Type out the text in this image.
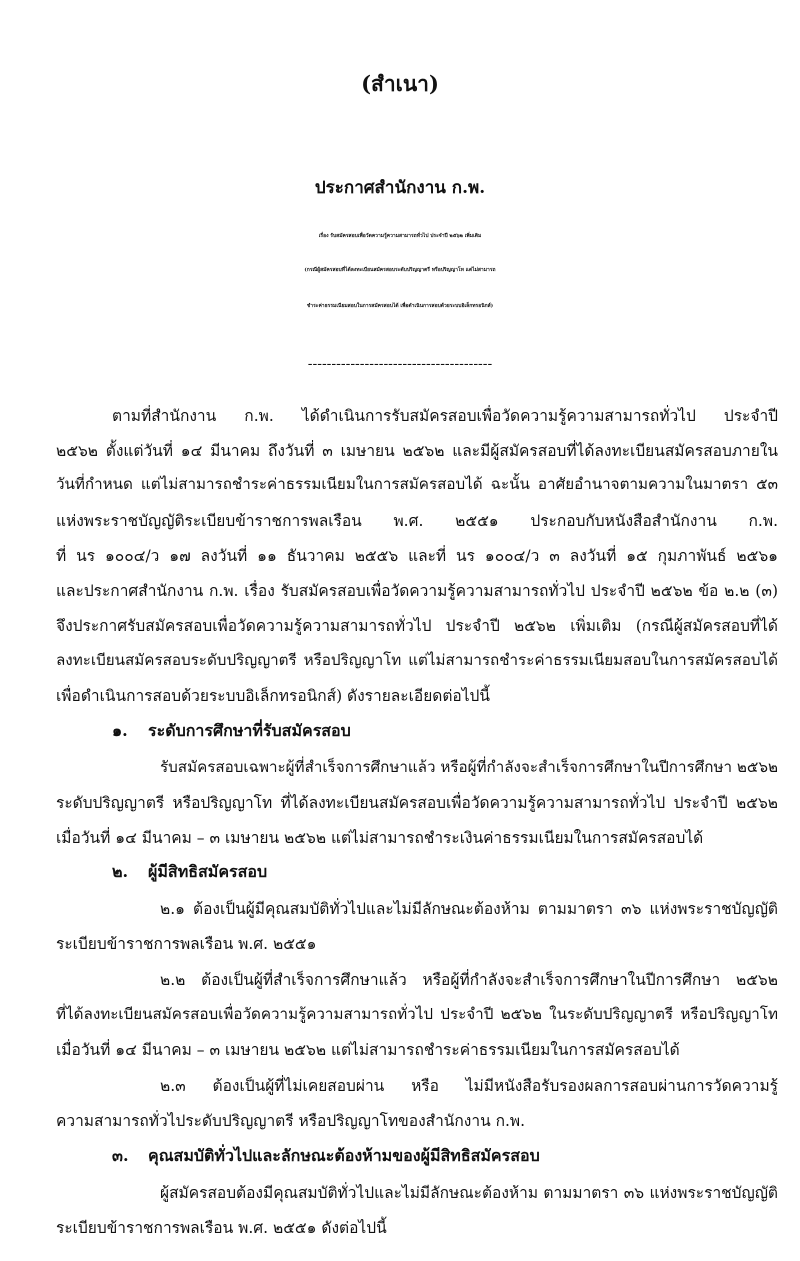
(สำเนา)
ประกาศสำนักงาน ก.พ.
เรื่อง รับสมัครสอบเพื่อวัดความรู้ความสามารถทั่วไป ประจำปี ๒๕๖๒ เพิ่มเติม
(กรณีผู้สมัครสอบที่ได้ลงทะเบียนสมัครสอบระดับปริญญาตรี หรือปริญญาโท แต่ไม่สามารถ
ชำระค่าธรรมเนียมสอบในการสมัครสอบได้ เพื่อดำเนินการสอบด้วยระบบอิเล็กทรอนิกส์)
---------------------------------------
ตามที่สำนักงาน ก.พ. ได้ดำเนินการรับสมัครสอบเพื่อวัดความรู้ความสามารถทั่วไป ประจำปี
๒๕๖๒ ตั้งแต่วันที่ ๑๔ มีนาคม ถึงวันที่ ๓ เมษายน ๒๕๖๒ และมีผู้สมัครสอบที่ได้ลงทะเบียนสมัครสอบภายใน
วันที่กำหนด แต่ไม่สามารถชำระค่าธรรมเนียมในการสมัครสอบได้ ฉะนั้น อาศัยอำนาจตามความในมาตรา ๕๓
แห่งพระราชบัญญัติระเบียบข้าราชการพลเรือน พ.ศ. ๒๕๕๑ ประกอบกับหนังสือสำนักงาน ก.พ.
ที่ นร ๑๐๐๔/ว ๑๗ ลงวันที่ ๑๑ ธันวาคม ๒๕๕๖ และที่ นร ๑๐๐๔/ว ๓ ลงวันที่ ๑๕ กุมภาพันธ์ ๒๕๖๑
และประกาศสำนักงาน ก.พ. เรื่อง รับสมัครสอบเพื่อวัดความรู้ความสามารถทั่วไป ประจำปี ๒๕๖๒ ข้อ ๒.๒ (๓)
จึงประกาศรับสมัครสอบเพื่อวัดความรู้ความสามารถทั่วไป ประจำปี ๒๕๖๒ เพิ่มเติม (กรณีผู้สมัครสอบที่ได้
ลงทะเบียนสมัครสอบระดับปริญญาตรี หรือปริญญาโท แต่ไม่สามารถชำระค่าธรรมเนียมสอบในการสมัครสอบได้
เพื่อดำเนินการสอบด้วยระบบอิเล็กทรอนิกส์) ดังรายละเอียดต่อไปนี้
๑. ระดับการศึกษาที่รับสมัครสอบ
รับสมัครสอบเฉพาะผู้ที่สำเร็จการศึกษาแล้ว หรือผู้ที่กำลังจะสำเร็จการศึกษาในปีการศึกษา ๒๕๖๒
ระดับปริญญาตรี หรือปริญญาโท ที่ได้ลงทะเบียนสมัครสอบเพื่อวัดความรู้ความสามารถทั่วไป ประจำปี ๒๕๖๒
เมื่อวันที่ ๑๔ มีนาคม – ๓ เมษายน ๒๕๖๒ แต่ไม่สามารถชำระเงินค่าธรรมเนียมในการสมัครสอบได้
๒. ผู้มีสิทธิสมัครสอบ
๒.๑ ต้องเป็นผู้มีคุณสมบัติทั่วไปและไม่มีลักษณะต้องห้าม ตามมาตรา ๓๖ แห่งพระราชบัญญัติ
ระเบียบข้าราชการพลเรือน พ.ศ. ๒๕๕๑
๒.๒ ต้องเป็นผู้ที่สำเร็จการศึกษาแล้ว หรือผู้ที่กำลังจะสำเร็จการศึกษาในปีการศึกษา ๒๕๖๒
ที่ได้ลงทะเบียนสมัครสอบเพื่อวัดความรู้ความสามารถทั่วไป ประจำปี ๒๕๖๒ ในระดับปริญญาตรี หรือปริญญาโท
เมื่อวันที่ ๑๔ มีนาคม – ๓ เมษายน ๒๕๖๒ แต่ไม่สามารถชำระค่าธรรมเนียมในการสมัครสอบได้
๒.๓ ต้องเป็นผู้ที่ไม่เคยสอบผ่าน หรือ ไม่มีหนังสือรับรองผลการสอบผ่านการวัดความรู้
ความสามารถทั่วไประดับปริญญาตรี หรือปริญญาโทของสำนักงาน ก.พ.
๓. คุณสมบัติทั่วไปและลักษณะต้องห้ามของผู้มีสิทธิสมัครสอบ
ผู้สมัครสอบต้องมีคุณสมบัติทั่วไปและไม่มีลักษณะต้องห้าม ตามมาตรา ๓๖ แห่งพระราชบัญญัติ
ระเบียบข้าราชการพลเรือน พ.ศ. ๒๕๕๑ ดังต่อไปนี้
